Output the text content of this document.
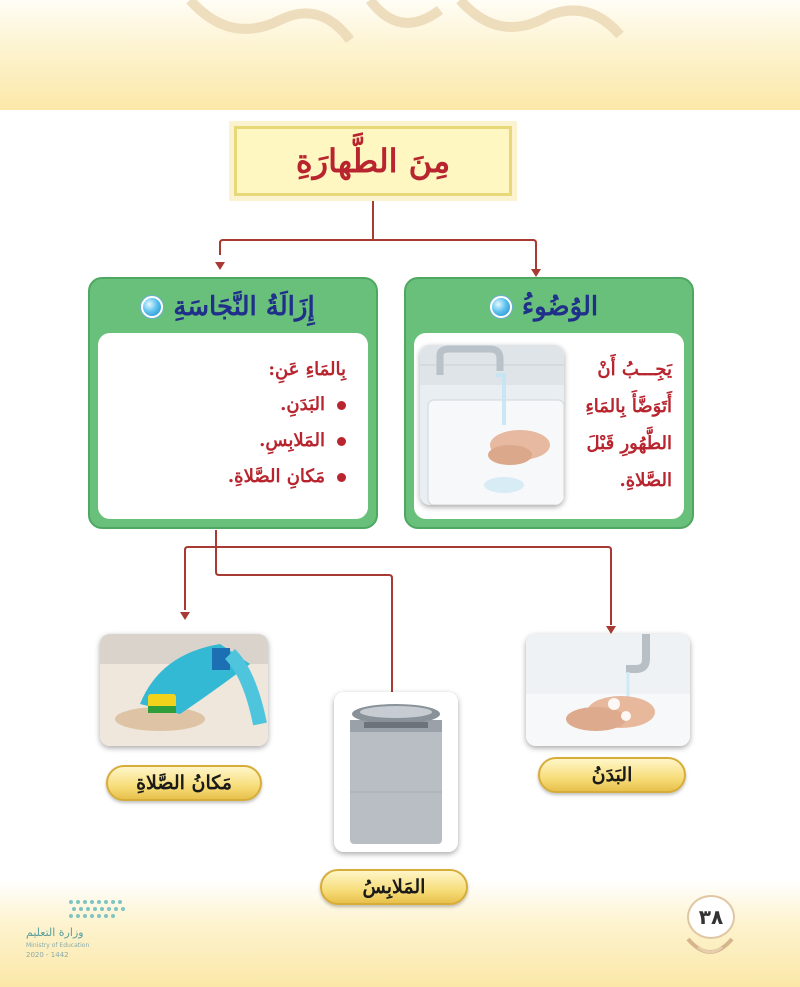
مِنَ الطَّهارَةِ
الوُضُوءُ

يَجِـــبُ أَنْ
أَتَوَضَّأَ بِالمَاءِ
الطَّهُورِ قَبْلَ
الصَّلاةِ.

إِزَالَةُ النَّجَاسَةِ
بِالمَاءِ عَنِ:
البَدَنِ.
المَلابِسِ.
مَكانِ الصَّلاةِ.
مَكانُ الصَّلاةِ	البَدَنُ
المَلابِسُ
وزارة التعليم
Ministry of Education
2020 - 1442
٣٨
